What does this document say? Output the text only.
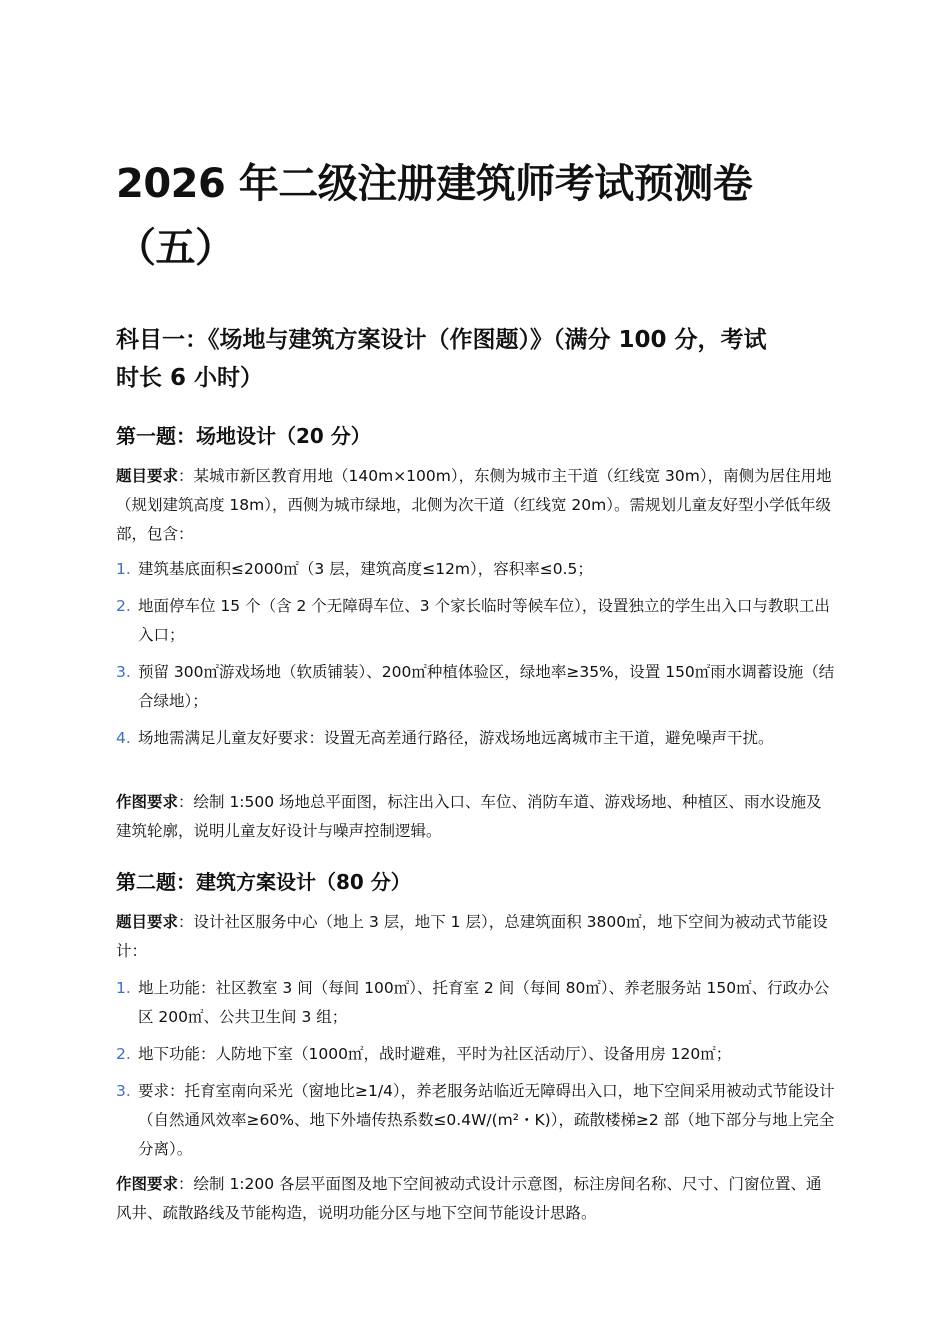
2026 年二级注册建筑师考试预测卷
（五）
科目一：《场地与建筑方案设计（作图题）》（满分 100 分，考试
时长 6 小时）
第一题：场地设计（20 分）

题目要求：某城市新区教育用地（140m×100m），东侧为城市主干道（红线宽 30m），南侧为居住用地（规划建筑高度 18m），西侧为城市绿地，北侧为次干道（红线宽 20m）。需规划儿童友好型小学低年级部，包含：

1. 建筑基底面积≤2000㎡（3 层，建筑高度≤12m），容积率≤0.5；
2. 地面停车位 15 个（含 2 个无障碍车位、3 个家长临时等候车位），设置独立的学生出入口与教职工出入口；
3. 预留 300㎡游戏场地（软质铺装）、200㎡种植体验区，绿地率≥35%，设置 150㎡雨水调蓄设施（结合绿地）；
4. 场地需满足儿童友好要求：设置无高差通行路径，游戏场地远离城市主干道，避免噪声干扰。

作图要求：绘制 1:500 场地总平面图，标注出入口、车位、消防车道、游戏场地、种植区、雨水设施及建筑轮廓，说明儿童友好设计与噪声控制逻辑。

第二题：建筑方案设计（80 分）

题目要求：设计社区服务中心（地上 3 层，地下 1 层），总建筑面积 3800㎡，地下空间为被动式节能设计：

1. 地上功能：社区教室 3 间（每间 100㎡）、托育室 2 间（每间 80㎡）、养老服务站 150㎡、行政办公区 200㎡、公共卫生间 3 组；
2. 地下功能：人防地下室（1000㎡，战时避难，平时为社区活动厅）、设备用房 120㎡；
3. 要求：托育室南向采光（窗地比≥1/4），养老服务站临近无障碍出入口，地下空间采用被动式节能设计（自然通风效率≥60%、地下外墙传热系数≤0.4W/(m²・K)），疏散楼梯≥2 部（地下部分与地上完全分离）。

作图要求：绘制 1:200 各层平面图及地下空间被动式设计示意图，标注房间名称、尺寸、门窗位置、通风井、疏散路线及节能构造，说明功能分区与地下空间节能设计思路。
